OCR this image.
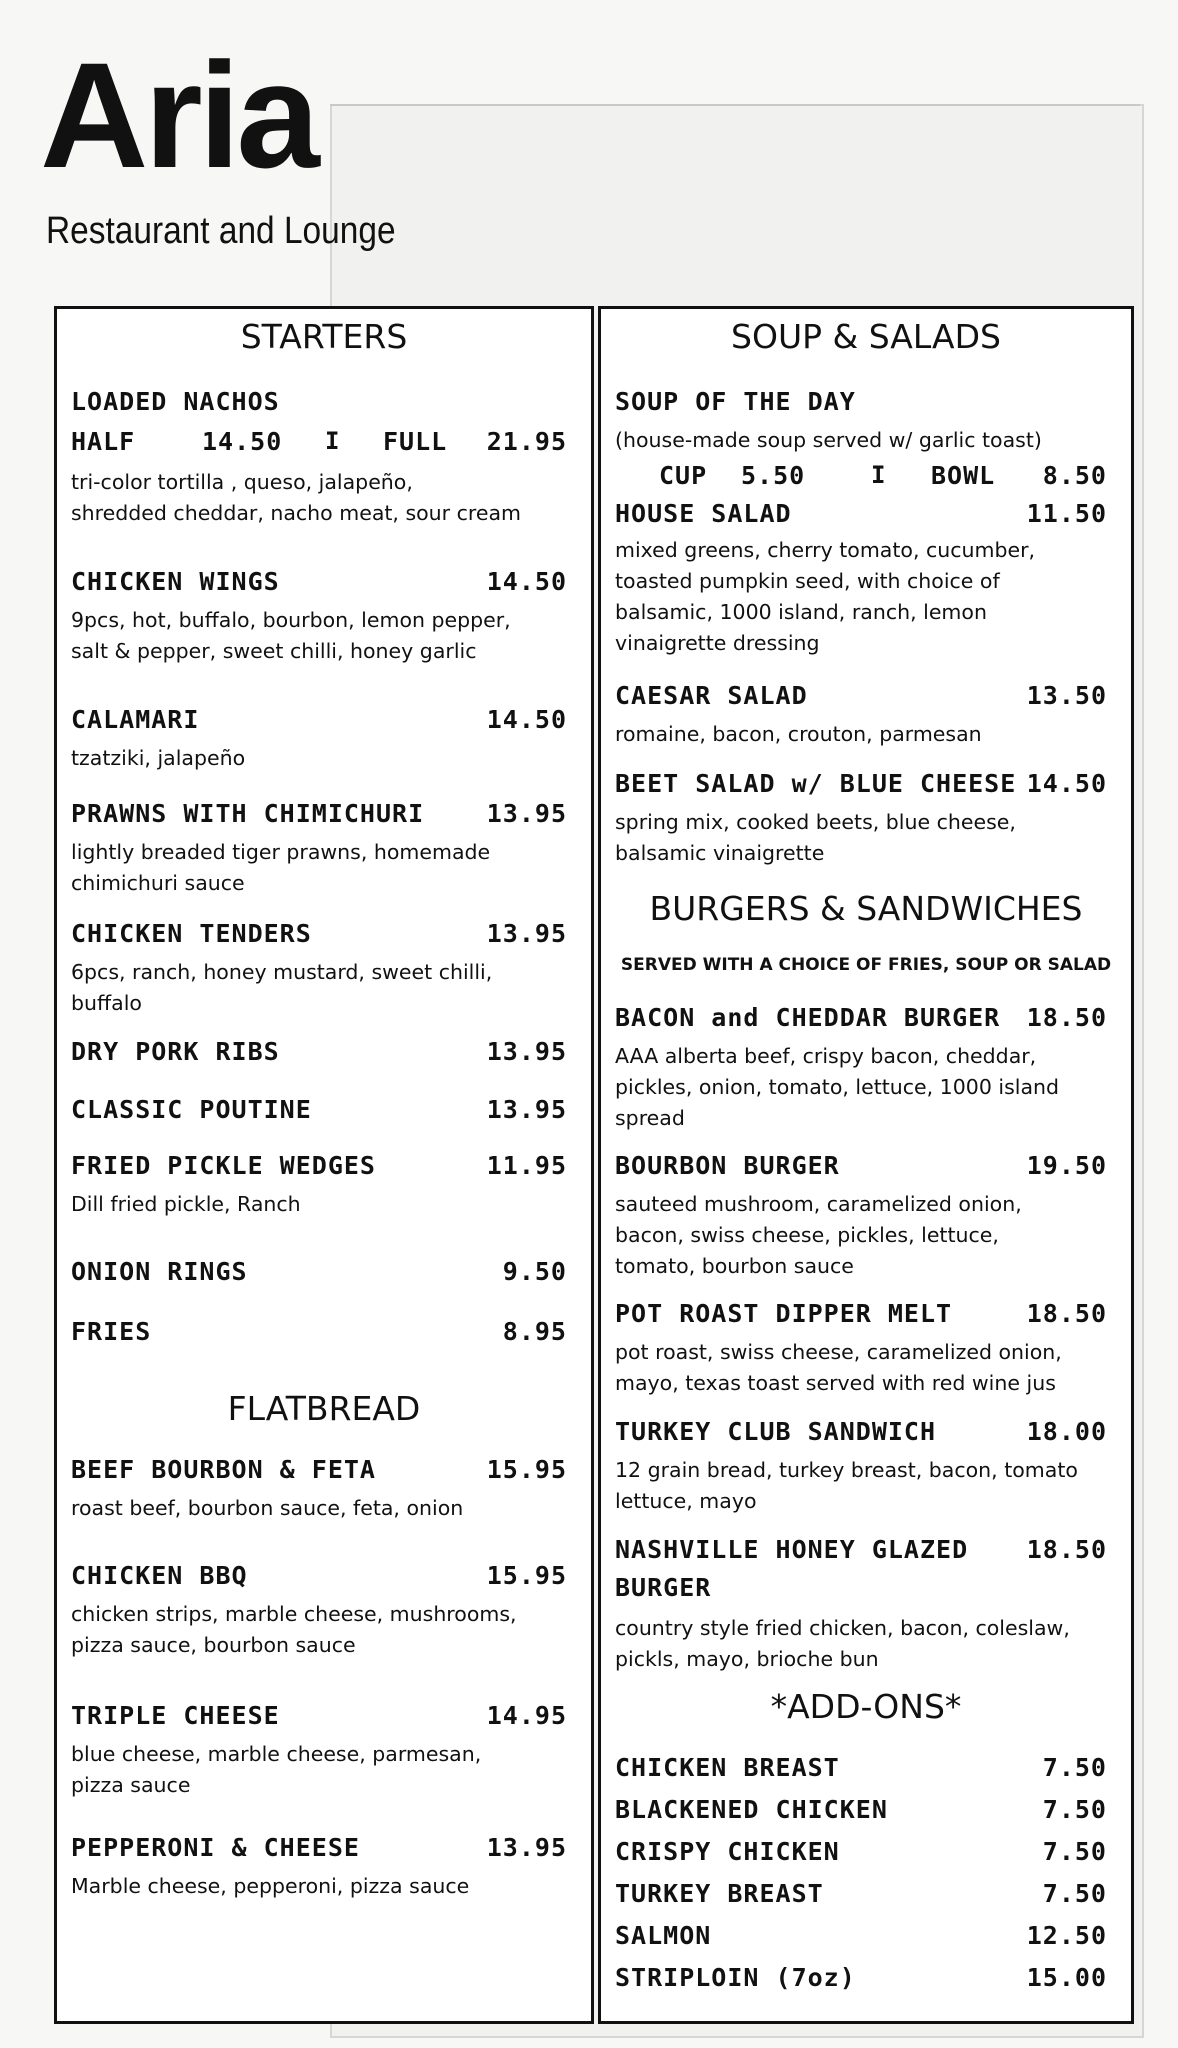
Aria
Restaurant and Lounge
STARTERS
LOADED NACHOS
HALF	14.50 I FULL 21.95
tri-color tortilla , queso, jalapeño,
shredded cheddar, nacho meat, sour cream
CHICKEN WINGS	14.50
9pcs, hot, buffalo, bourbon, lemon pepper,
salt & pepper, sweet chilli, honey garlic
CALAMARI	14.50
tzatziki, jalapeño
PRAWNS WITH CHIMICHURI	13.95
lightly breaded tiger prawns, homemade
chimichuri sauce
CHICKEN TENDERS	13.95
6pcs, ranch, honey mustard, sweet chilli,
buffalo
DRY PORK RIBS	13.95
CLASSIC POUTINE	13.95
FRIED PICKLE WEDGES	11.95
Dill fried pickle, Ranch
ONION RINGS	9.50
FRIES	8.95
FLATBREAD
BEEF BOURBON & FETA	15.95
roast beef, bourbon sauce, feta, onion
CHICKEN BBQ	15.95
chicken strips, marble cheese, mushrooms,
pizza sauce, bourbon sauce
TRIPLE CHEESE	14.95
blue cheese, marble cheese, parmesan,
pizza sauce
PEPPERONI & CHEESE	13.95
Marble cheese, pepperoni, pizza sauce
SOUP & SALADS
SOUP OF THE DAY
(house-made soup served w/ garlic toast)
CUP 5.50	I BOWL 8.50
HOUSE SALAD	11.50
mixed greens, cherry tomato, cucumber,
toasted pumpkin seed, with choice of
balsamic, 1000 island, ranch, lemon
vinaigrette dressing
CAESAR SALAD	13.50
romaine, bacon, crouton, parmesan
BEET SALAD w/ BLUE CHEESE 14.50
spring mix, cooked beets, blue cheese,
balsamic vinaigrette
BURGERS & SANDWICHES
SERVED WITH A CHOICE OF FRIES, SOUP OR SALAD
BACON and CHEDDAR BURGER 18.50
AAA alberta beef, crispy bacon, cheddar,
pickles, onion, tomato, lettuce, 1000 island
spread
BOURBON BURGER	19.50
sauteed mushroom, caramelized onion,
bacon, swiss cheese, pickles, lettuce,
tomato, bourbon sauce
POT ROAST DIPPER MELT	18.50
pot roast, swiss cheese, caramelized onion,
mayo, texas toast served with red wine jus
TURKEY CLUB SANDWICH	18.00
12 grain bread, turkey breast, bacon, tomato
lettuce, mayo
NASHVILLE HONEY GLAZED 18.50
BURGER
country style fried chicken, bacon, coleslaw,
pickls, mayo, brioche bun
*ADD-ONS*
CHICKEN BREAST	7.50
BLACKENED CHICKEN	7.50
CRISPY CHICKEN	7.50
TURKEY BREAST	7.50
SALMON	12.50
STRIPLOIN (7oz)	15.00
